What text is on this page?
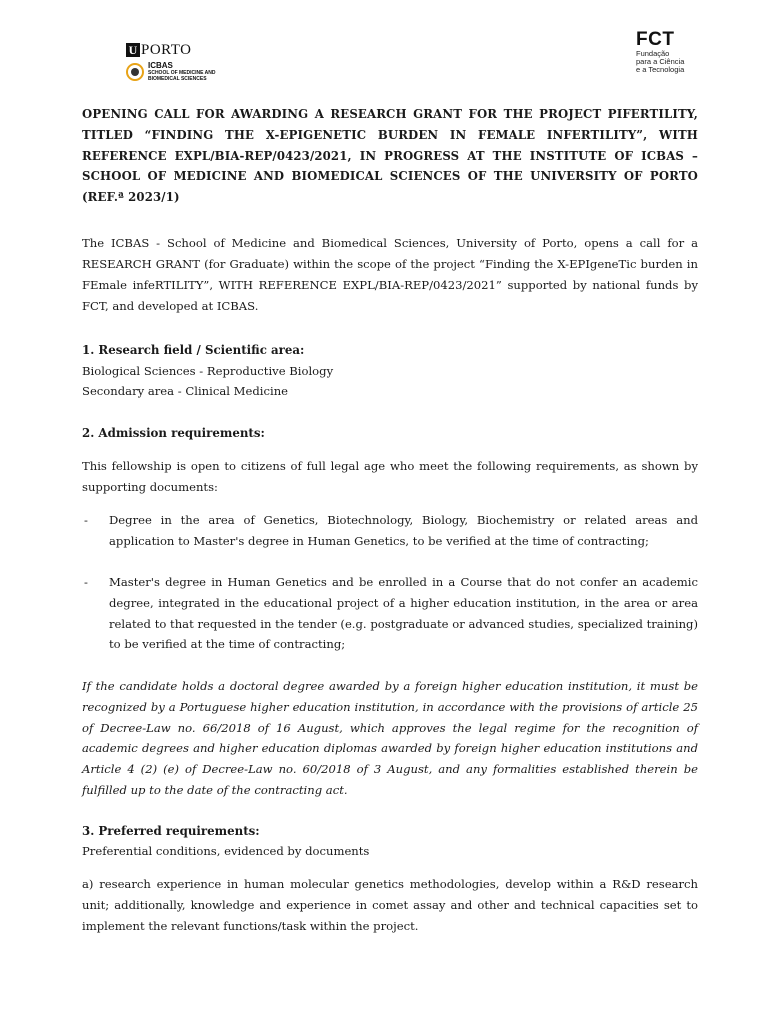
U PORTO
ICBAS
SCHOOL OF MEDICINE AND
BIOMEDICAL SCIENCES
FCT
Fundação
para a Ciência
e a Tecnologia
OPENING CALL FOR AWARDING A RESEARCH GRANT FOR THE PROJECT PIFERTILITY, TITLED “FINDING THE X-EPIGENETIC BURDEN IN FEMALE INFERTILITY”, WITH REFERENCE EXPL/BIA-REP/0423/2021, IN PROGRESS AT THE INSTITUTE OF ICBAS – SCHOOL OF MEDICINE AND BIOMEDICAL SCIENCES OF THE UNIVERSITY OF PORTO (REF.ª 2023/1)

The ICBAS - School of Medicine and Biomedical Sciences, University of Porto, opens a call for a RESEARCH GRANT (for Graduate) within the scope of the project “Finding the X-EPIgeneTic burden in FEmale infeRTILITY”, WITH REFERENCE EXPL/BIA-REP/0423/2021” supported by national funds by FCT, and developed at ICBAS.

1. Research field / Scientific area:

Biological Sciences - Reproductive Biology

Secondary area - Clinical Medicine

2. Admission requirements:

This fellowship is open to citizens of full legal age who meet the following requirements, as shown by supporting documents:

- Degree in the area of Genetics, Biotechnology, Biology, Biochemistry or related areas and application to Master's degree in Human Genetics, to be verified at the time of contracting;

- Master's degree in Human Genetics and be enrolled in a Course that do not confer an academic degree, integrated in the educational project of a higher education institution, in the area or area related to that requested in the tender (e.g. postgraduate or advanced studies, specialized training) to be verified at the time of contracting;

If the candidate holds a doctoral degree awarded by a foreign higher education institution, it must be recognized by a Portuguese higher education institution, in accordance with the provisions of article 25 of Decree-Law no. 66/2018 of 16 August, which approves the legal regime for the recognition of academic degrees and higher education diplomas awarded by foreign higher education institutions and Article 4 (2) (e) of Decree-Law no. 60/2018 of 3 August, and any formalities established therein be fulfilled up to the date of the contracting act.

3. Preferred requirements:

Preferential conditions, evidenced by documents

a) research experience in human molecular genetics methodologies, develop within a R&D research unit; additionally, knowledge and experience in comet assay and other and technical capacities set to implement the relevant functions/task within the project.
